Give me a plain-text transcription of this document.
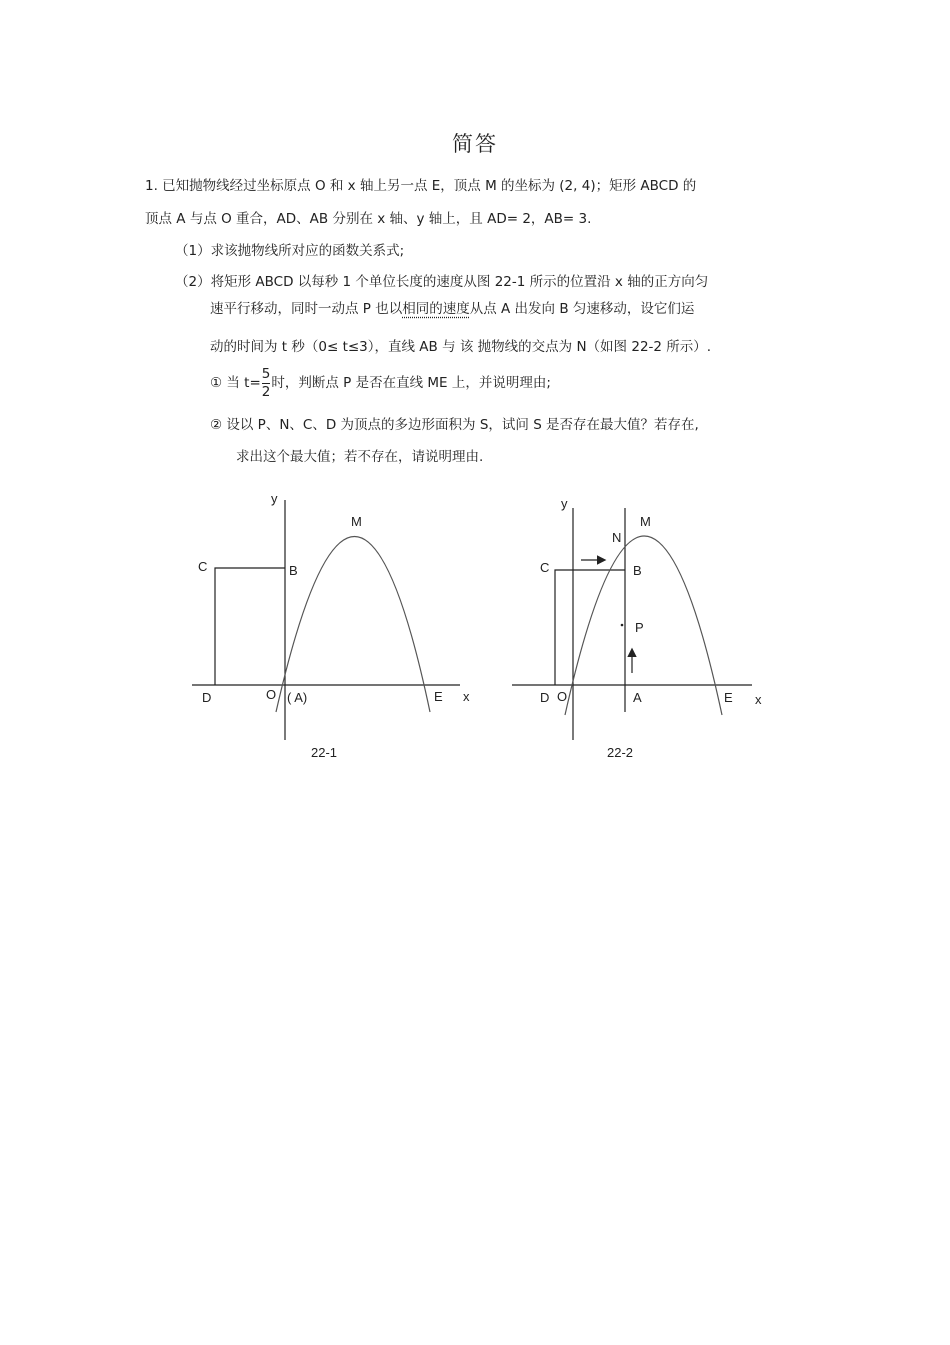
简答
1. 已知抛物线经过坐标原点 O 和 x 轴上另一点 E，顶点 M 的坐标为 (2, 4)；矩形 ABCD 的
顶点 A 与点 O 重合，AD、AB 分别在 x 轴、y 轴上，且 AD= 2，AB= 3.
（1）求该抛物线所对应的函数关系式;
（2）将矩形 ABCD 以每秒 1 个单位长度的速度从图 22-1 所示的位置沿 x 轴的正方向匀
速平行移动，同时一动点 P 也以相同的速度从点 A 出发向 B 匀速移动，设它们运
动的时间为 t 秒（0≤ t≤3），直线 AB 与 该 抛物线的交点为 N（如图 22-2 所示）.
① 当 $t= \frac{5}{2}$ 时，判断点 P 是否在直线 ME 上，并说明理由;
② 设以 P、N、C、D 为顶点的多边形面积为 S，试问 S 是否存在最大值？若存在,
求出这个最大值；若不存在，请说明理由.
y
M
C	B
D	O ( A)	E x
22-1
y
M
N
C	B
P
D O	A	E x
22-2
